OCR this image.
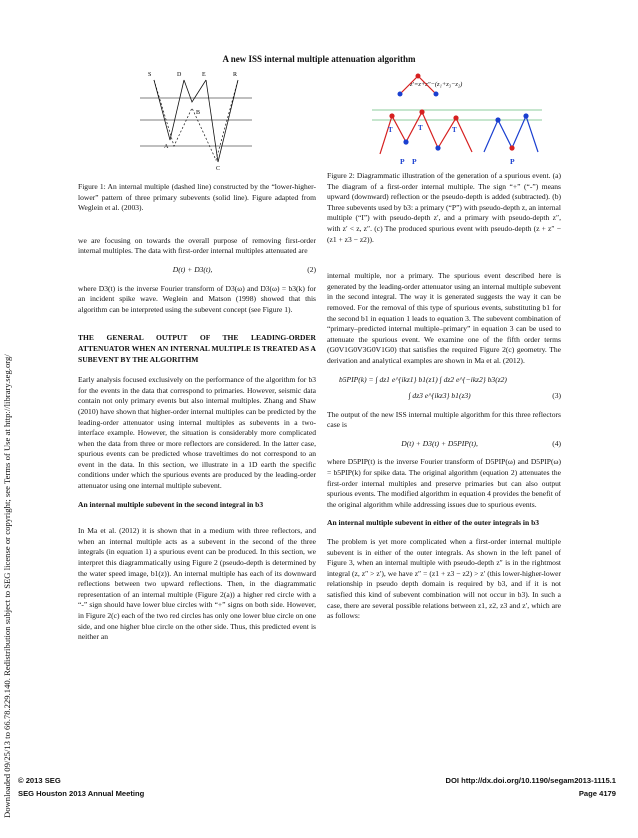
Downloaded 09/25/13 to 66.78.229.140. Redistribution subject to SEG license or copyright; see Terms of Use at http://library.seg.org/
A new ISS internal multiple attenuation algorithm
S	D	E	R
B
A
C
z′=z+z″−(z₁+z₃−z₂)
T	T	T
P P	P

Figure 1: An internal multiple (dashed line) constructed by the “lower-higher-lower” pattern of three primary subevents (solid line). Figure adapted from Weglein et al. (2003).

we are focusing on towards the overall purpose of removing first-order internal multiples. The data with first-order internal multiples attenuated are

D(t) + D3(t),	(2)

where D3(t) is the inverse Fourier transform of D3(ω) and D3(ω) = b3(k) for an incident spike wave. Weglein and Matson (1998) showed that this algorithm can be interpreted using the subevent concept (see Figure 1).

THE GENERAL OUTPUT OF THE LEADING-ORDER ATTENUATOR WHEN AN INTERNAL MULTIPLE IS TREATED AS A SUBEVENT BY THE ALGORITHM

Early analysis focused exclusively on the performance of the algorithm for b3 for the events in the data that correspond to primaries. However, seismic data contain not only primary events but also internal multiples. Zhang and Shaw (2010) have shown that higher-order internal multiples can be predicted by the leading-order attenuator using internal multiples as subevents in a two-interface example. However, the situation is considerably more complicated when the data from three or more reflectors are considered. In the latter case, spurious events can be predicted whose traveltimes do not correspond to an event in the data. In this section, we illustrate in a 1D earth the specific conditions under which the spurious events are produced by the leading-order attenuator using one internal multiple subevent.

An internal multiple subevent in the second integral in b3

In Ma et al. (2012) it is shown that in a medium with three reflectors, and when an internal multiple acts as a subevent in the second of the three integrals (in equation 1) a spurious event can be produced. In this section, we interpret this diagrammatically using Figure 2 (pseudo-depth is determined by the water speed image, b1(z)). An internal multiple has each of its downward reflections between two upward reflections. Then, in the diagrammatic representation of an internal multiple (Figure 2(a)) a higher red circle with a “-” sign should have lower blue circles with “+” signs on both side. However, in Figure 2(c) each of the two red circles has only one lower blue circle on one side, and one higher blue circle on the other side. Thus, this predicted event is neither an

Figure 2: Diagrammatic illustration of the generation of a spurious event. (a) The diagram of a first-order internal multiple. The sign “+” (“-”) means upward (downward) reflection or the pseudo-depth is added (subtracted). (b) Three subevents used by b3: a primary (“P”) with pseudo-depth z, an internal multiple (“I”) with pseudo-depth z′, and a primary with pseudo-depth z″, with z′ < z, z″. (c) The produced spurious event with pseudo-depth (z + z″ − (z1 + z3 − z2)).

internal multiple, nor a primary. The spurious event described here is generated by the leading-order attenuator using an internal multiple subevent in the second integral. The way it is generated suggests the way it can be removed. For the removal of this type of spurious events, substituting b1 for the second b1 in equation 1 leads to equation 3. The subevent combination of “primary–predicted internal multiple–primary” in equation 3 can be used to attenuate the spurious event. We examine one of the fifth order terms (G0V1G0V3G0V1G0) that satisfies the required Figure 2(c) geometry. The derivation and analytical examples are shown in Ma et al. (2012).

b5PIP(k) = ∫ dz1 e^{ikz1} b1(z1) ∫ dz2 e^{−ikz2} b3(z2)
∫ dz3 e^{ikz3} b1(z3)	(3)

The output of the new ISS internal multiple algorithm for this three reflectors case is

D(t) + D3(t) + D5PIP(t),	(4)

where D5PIP(t) is the inverse Fourier transform of D5PIP(ω) and D5PIP(ω) = b5PIP(k) for spike data. The original algorithm (equation 2) attenuates the first-order internal multiples and preserve primaries but can also output spurious events. The modified algorithm in equation 4 provides the benefit of the original algorithm while addressing issues due to spurious events.

An internal multiple subevent in either of the outer integrals in b3

The problem is yet more complicated when a first-order internal multiple subevent is in either of the outer integrals. As shown in the left panel of Figure 3, when an internal multiple with pseudo-depth z″ is in the rightmost integral (z, z″ > z′), we have z″ = (z1 + z3 − z2) > z′ (this lower-higher-lower relationship in pseudo depth domain is required by b3, and if it is not satisfied this kind of subevent combination will not occur in b3). In such a case, there are several possible relations between z1, z2, z3 and z′, which are as follows:

© 2013 SEG
SEG Houston 2013 Annual Meeting
DOI http://dx.doi.org/10.1190/segam2013-1115.1
Page 4179
